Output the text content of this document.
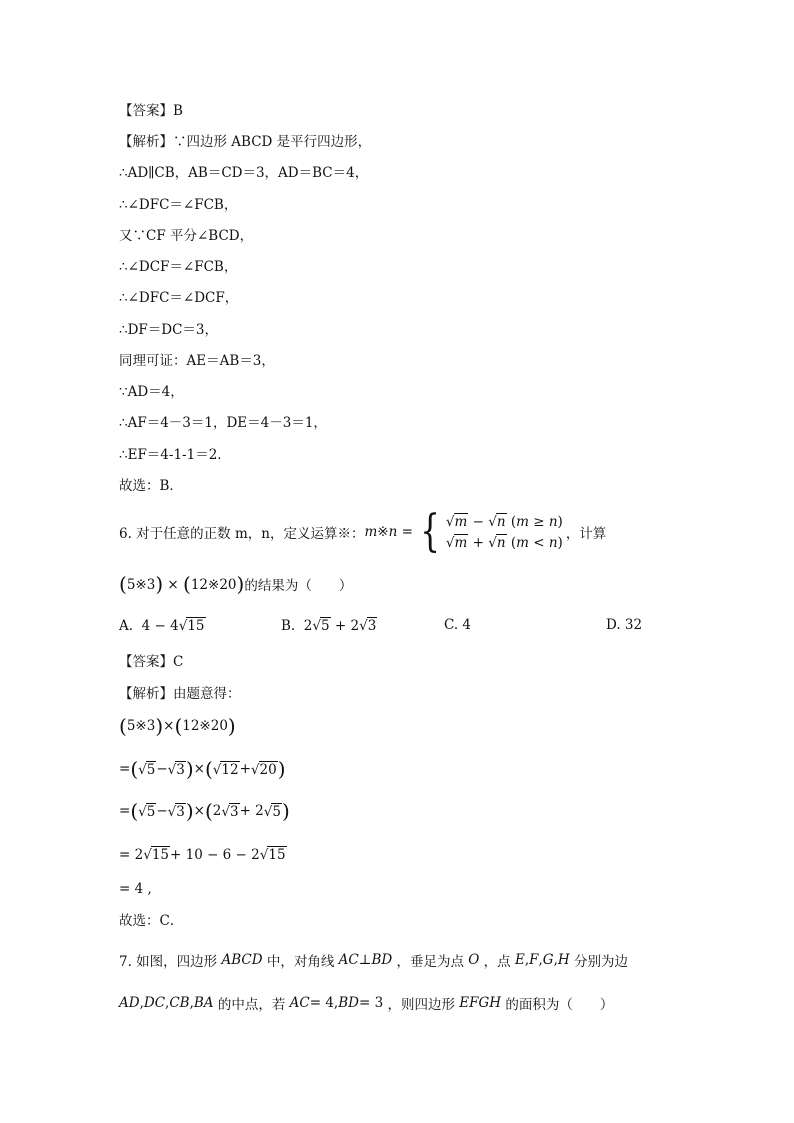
【答案】B
【解析】∵四边形 ABCD 是平行四边形，
∴AD∥CB，AB＝CD＝3，AD＝BC＝4，
∴∠DFC＝∠FCB，
又∵CF 平分∠BCD，
∴∠DCF＝∠FCB，
∴∠DFC＝∠DCF，
∴DF＝DC＝3，
同理可证：AE＝AB＝3，
∵AD＝4，
∴AF＝4－3＝1，DE＝4－3＝1，
∴EF＝4-1-1＝2．
故选：B．
6. 对于任意的正数 m，n，定义运算※： m ※ n = { √m − √n (m ≥ n)
√m + √n (m < n)
，计算
(5※3) × (12※20) 的结果为（　　）
A.  4 − 4√15	B.  2√5 + 2√3	C. 4	D. 32
【答案】C
【解析】由题意得：
( 5※3 ) × ( 12※20 )
= ( √5 − √3 ) × ( √12 + √20 )
= ( √5 − √3 ) × ( 2 √3 + 2 √5 )
= 2 √15 + 10 − 6 − 2 √15
= 4 ,
故选：C．
7. 如图，四边形
ABCD
中，对角线
AC ⊥ BD
，垂足为点
O
，点
E , F , G , H
分别为边
AD , DC , CB , BA
的中点，若
AC = 4, BD = 3 ，则四边形
EFGH
的面积为（　　）
